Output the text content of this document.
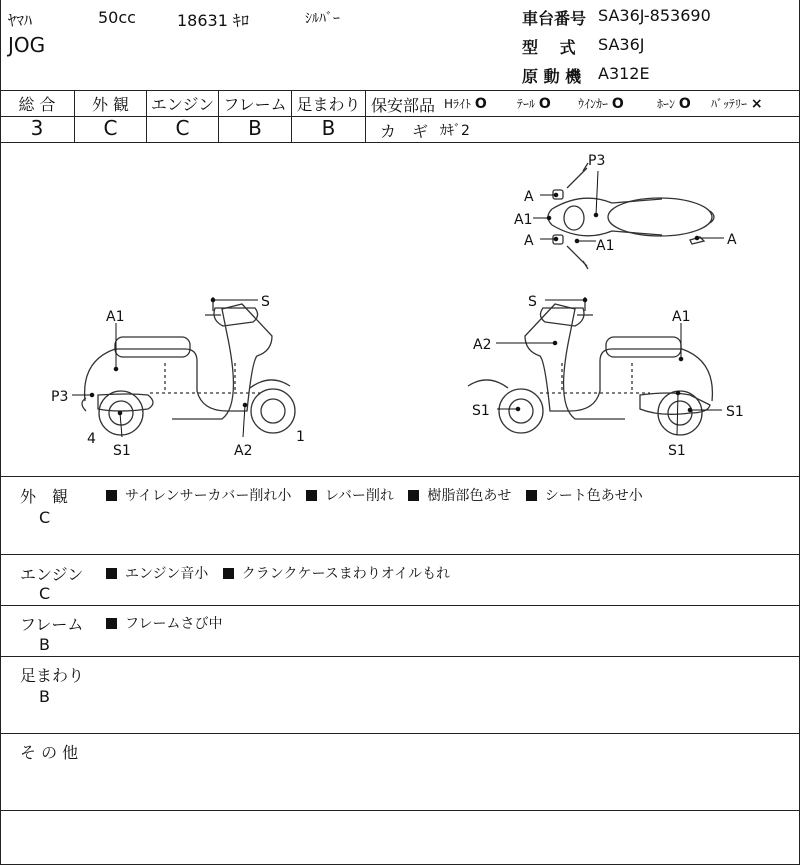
ﾔﾏﾊ	50cc	18631 ｷﾛ	ｼﾙﾊﾞｰ
JOG
車台番号 SA36J-853690
型　 式 SA36J
原 動 機 A312E
総 合	外 観	エンジン フレーム 足まわり
3	C	C	B	B
保安部品 Hﾗｲﾄ O	ﾃｰﾙ O ｳｲﾝｶｰ O	ﾎｰﾝ O ﾊﾞｯﾃﾘｰ ×
カ　ギ ｶｷﾞ2
P3
A
A1
A	A1	A
S
A1
P3
4
S1	A2
1
S
A2
A1
S1	S1
S1
外　観
C
サイレンサーカバー削れ小 レバー削れ 樹脂部色あせ シート色あせ小
エンジン
C
エンジン音小 クランクケースまわりオイルもれ
フレーム
B
フレームさび中
足まわり
B
そ の 他
